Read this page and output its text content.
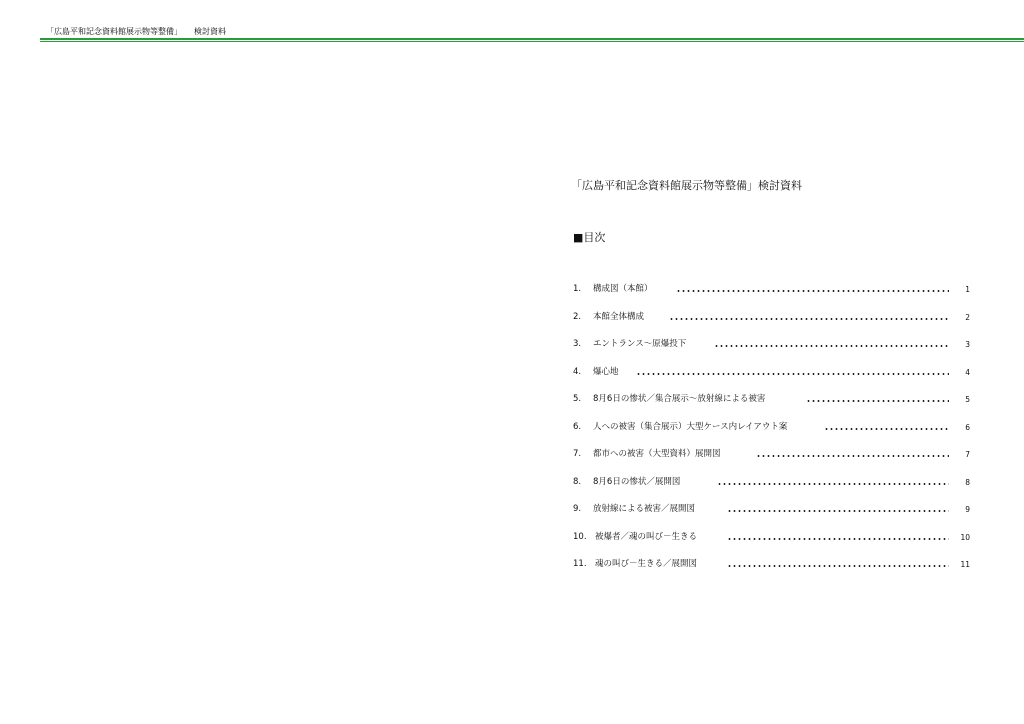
「広島平和記念資料館展示物等整備」 検討資料
「広島平和記念資料館展示物等整備」検討資料
■目次
1. 構成図（本館）	1
2. 本館全体構成	2
3. エントランス～原爆投下	3
4. 爆心地	4
5. 8月6日の惨状／集合展示～放射線による被害	5
6. 人への被害（集合展示）大型ケース内レイアウト案	6
7. 都市への被害（大型資料）展開図	7
8. 8月6日の惨状／展開図	8
9. 放射線による被害／展開図	9
10. 被爆者／魂の叫び－生きる	10
11. 魂の叫び－生きる／展開図	11
